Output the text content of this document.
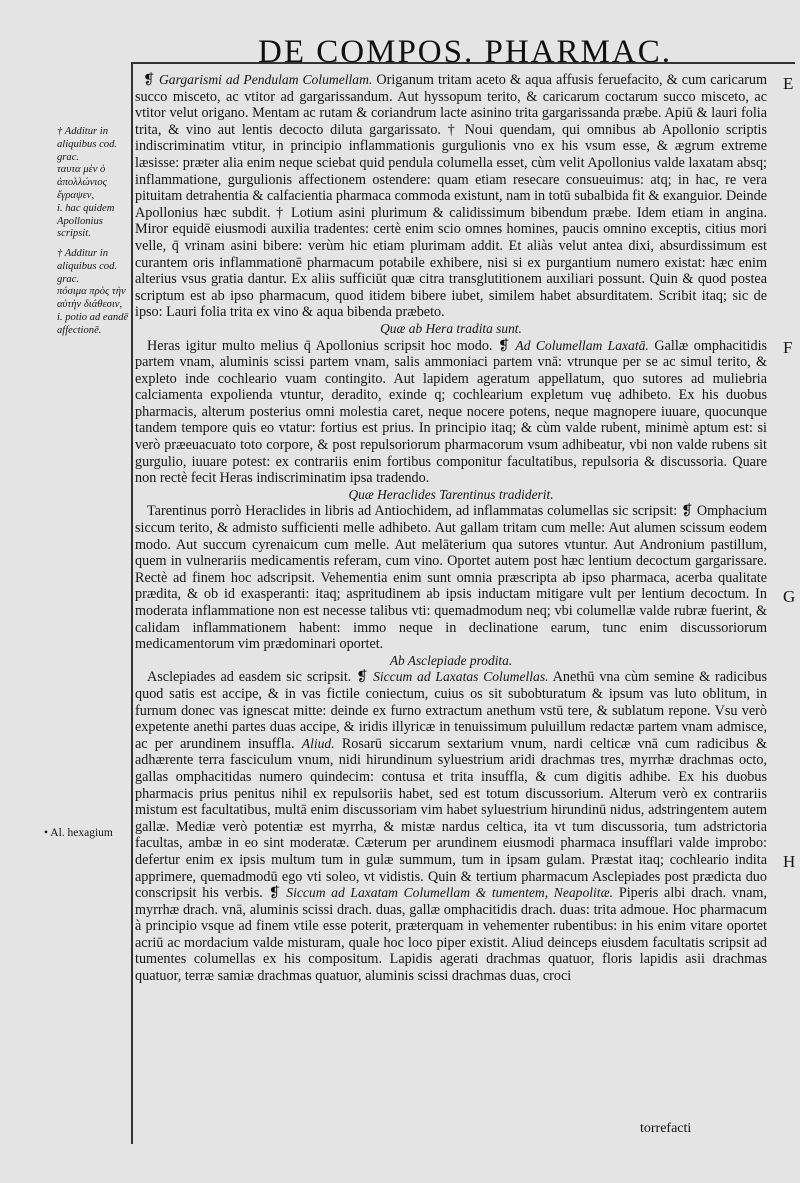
DE COMPOS. PHARMAC.
† Additur in aliquibus cod. grac.
ταυτα μὲν ὁ ἀπολλώνιος ἔγραψεν,
i. hac quidem Apollonius scripsit.
† Additur in aliquibus cod. grac.
πόσιμα πρὸς τὴν αὐτὴν διάθεσιν,
i. potio ad eandē affectionē.
• Al. hexagium
E
F
G
H

❡ Gargarismi ad Pendulam Columellam. Origanum tritam aceto & aqua affusis feruefacito, & cum caricarum succo misceto, ac vtitor ad gargarissandum. Aut hyssopum terito, & caricarum coctarum succo misceto, ac vtitor velut origano. Mentam ac rutam & coriandrum lacte asinino trita gargarissanda præbe. Apiū & lauri folia trita, & vino aut lentis decocto diluta gargarissato. † Noui quendam, qui omnibus ab Apollonio scriptis indiscriminatim vtitur, in principio inflammationis gurgulionis vno ex his vsum esse, & ægrum extreme læsisse: præter alia enim neque sciebat quid pendula columella esset, cùm velit Apollonius valde laxatam absq; inflammatione, gurgulionis affectionem ostendere: quam etiam resecare consueuimus: atq; in hac, re vera pituitam detrahentia & calfacientia pharmaca commoda existunt, nam in totū subalbida fit & exanguior. Deinde Apollonius hæc subdit. † Lotium asini plurimum & calidissimum bibendum præbe. Idem etiam in angina. Miror equidē eiusmodi auxilia tradentes: certè enim scio omnes homines, paucis omnino exceptis, citius mori velle, q̄ vrinam asini bibere: verùm hic etiam plurimam addit. Et aliàs velut antea dixi, absurdissimum est curantem oris inflammationē pharmacum potabile exhibere, nisi si ex purgantium numero existat: hæc enim alterius vsus gratia dantur. Ex aliis sufficiūt quæ citra transglutitionem auxiliari possunt. Quin & quod postea scriptum est ab ipso pharmacum, quod itidem bibere iubet, similem habet absurditatem. Scribit itaq; sic de ipso: Lauri folia trita ex vino & aqua bibenda præbeto.

Quæ ab Hera tradita sunt.

Heras igitur multo melius q̄ Apollonius scripsit hoc modo. ❡ Ad Columellam Laxatā. Gallæ omphacitidis partem vnam, aluminis scissi partem vnam, salis ammoniaci partem vnā: vtrunque per se ac simul terito, & expleto inde cochleario vuam contingito. Aut lapidem ageratum appellatum, quo sutores ad muliebria calciamenta expolienda vtuntur, deradito, exinde q; cochlearium expletum vuę adhibeto. Ex his duobus pharmacis, alterum posterius omni molestia caret, neque nocere potens, neque magnopere iuuare, quocunque tandem tempore quis eo vtatur: fortius est prius. In principio itaq; & cùm valde rubent, minimè aptum est: si verò præeuacuato toto corpore, & post repulsoriorum pharmacorum vsum adhibeatur, vbi non valde rubens sit gurgulio, iuuare potest: ex contrariis enim fortibus componitur facultatibus, repulsoria & discussoria. Quare non rectè fecit Heras indiscriminatim ipsa tradendo.

Quæ Heraclides Tarentinus tradiderit.

Tarentinus porrò Heraclides in libris ad Antiochidem, ad inflammatas columellas sic scripsit: ❡ Omphacium siccum terito, & admisto sufficienti melle adhibeto. Aut gallam tritam cum melle: Aut alumen scissum eodem modo. Aut succum cyrenaicum cum melle. Aut melāterium qua sutores vtuntur. Aut Andronium pastillum, quem in vulnerariis medicamentis referam, cum vino. Oportet autem post hæc lentium decoctum gargarissare. Rectè ad finem hoc adscripsit. Vehementia enim sunt omnia præscripta ab ipso pharmaca, acerba qualitate prædita, & ob id exasperanti: itaq; aspritudinem ab ipsis inductam mitigare vult per lentium decoctum. In moderata inflammatione non est necesse talibus vti: quemadmodum neq; vbi columellæ valde rubræ fuerint, & calidam inflammationem habent: immo neque in declinatione earum, tunc enim discussoriorum medicamentorum vim prædominari oportet.

Ab Asclepiade prodita.

Asclepiades ad easdem sic scripsit. ❡ Siccum ad Laxatas Columellas. Anethū vna cùm semine & radicibus quod satis est accipe, & in vas fictile coniectum, cuius os sit subobturatum & ipsum vas luto oblitum, in furnum donec vas ignescat mitte: deinde ex furno extractum anethum vstū tere, & sublatum repone. Vsu verò expetente anethi partes duas accipe, & iridis illyricæ in tenuissimum puluillum redactæ partem vnam admisce, ac per arundinem insuffla. Aliud. Rosarū siccarum sextarium vnum, nardi celticæ vnā cum radicibus & adhærente terra fasciculum vnum, nidi hirundinum syluestrium aridi drachmas tres, myrrhæ drachmas octo, gallas omphacitidas numero quindecim: contusa et trita insuffla, & cum digitis adhibe. Ex his duobus pharmacis prius penitus nihil ex repulsoriis habet, sed est totum discussorium. Alterum verò ex contrariis mistum est facultatibus, multā enim discussoriam vim habet syluestrium hirundinū nidus, adstringentem autem gallæ. Mediæ verò potentiæ est myrrha, & mistæ nardus celtica, ita vt tum discussoria, tum adstrictoria facultas, ambæ in eo sint moderatæ. Cæterum per arundinem eiusmodi pharmaca insufflari valde improbo: defertur enim ex ipsis multum tum in gulæ summum, tum in ipsam gulam. Præstat itaq; cochleario indita apprimere, quemadmodū ego vti soleo, vt vidistis. Quin & tertium pharmacum Asclepiades post prædicta duo conscripsit his verbis. ❡ Siccum ad Laxatam Columellam & tumentem, Neapolitæ. Piperis albi drach. vnam, myrrhæ drach. vnā, aluminis scissi drach. duas, gallæ omphacitidis drach. duas: trita admoue. Hoc pharmacum à principio vsque ad finem vtile esse poterit, præterquam in vehementer rubentibus: in his enim vitare oportet acriū ac mordacium valde misturam, quale hoc loco piper existit. Aliud deinceps eiusdem facultatis scripsit ad tumentes columellas ex his compositum. Lapidis agerati drachmas quatuor, floris lapidis asii drachmas quatuor, terræ samiæ drachmas quatuor, aluminis scissi drachmas duas, croci

torrefacti
